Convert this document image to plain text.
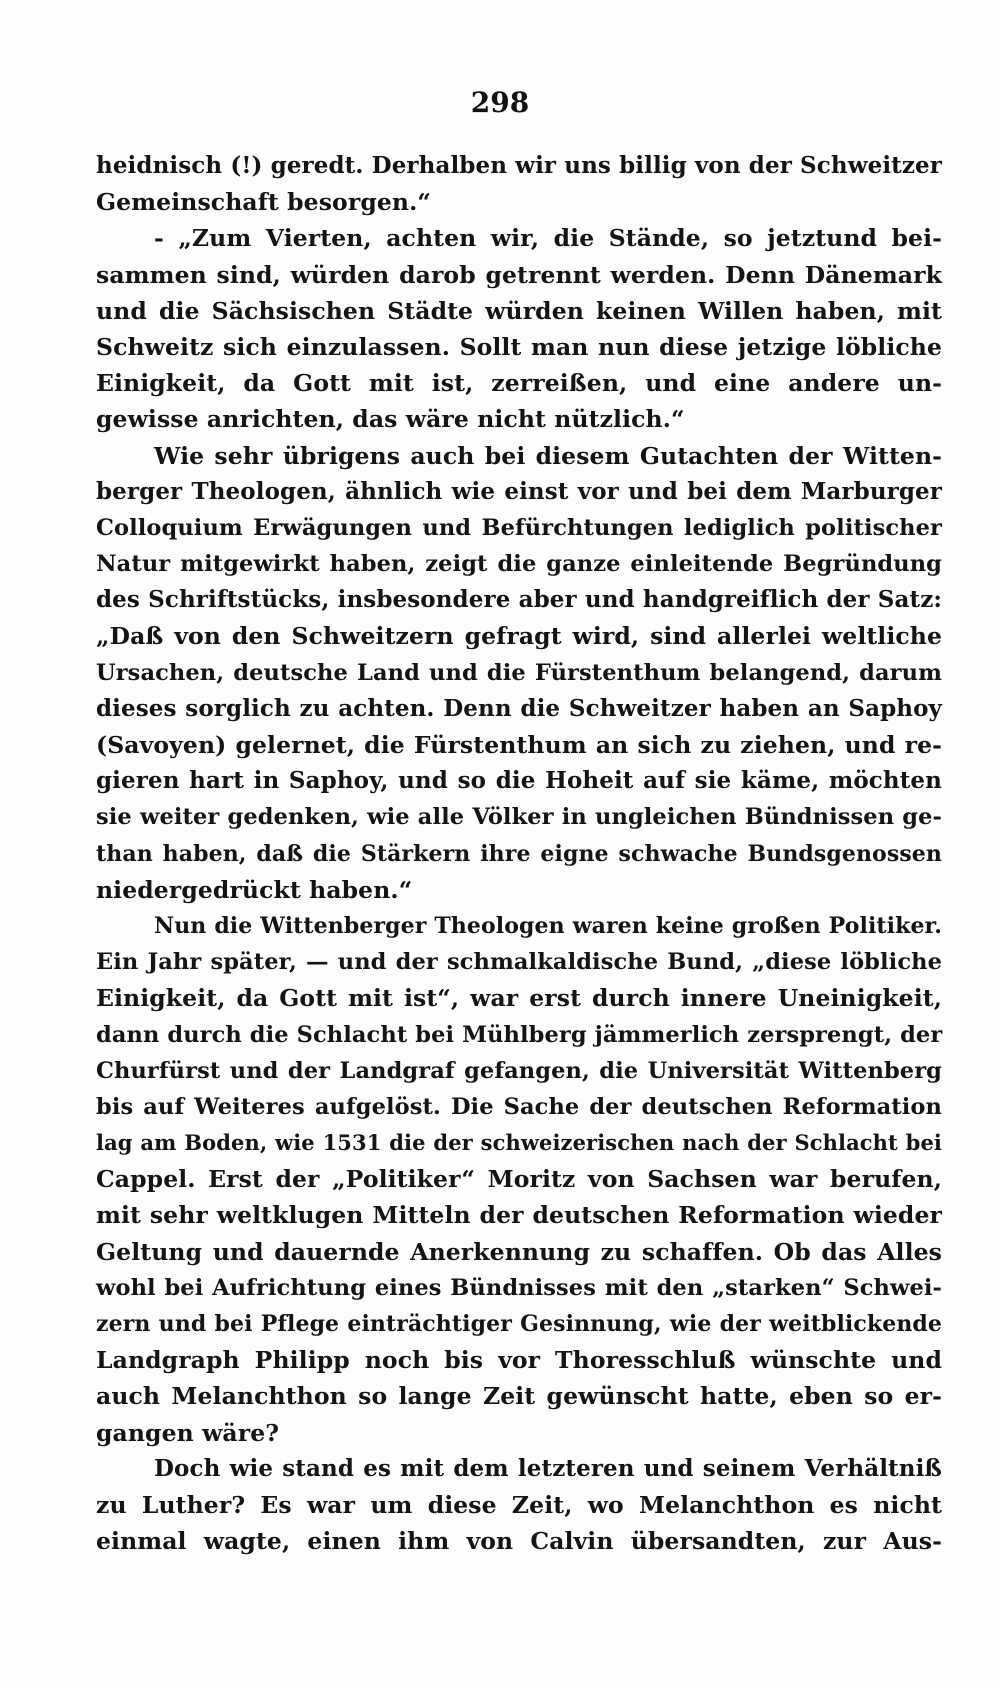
298
heidnisch (!) geredt. Derhalben wir uns billig von der Schweitzer
Gemeinschaft besorgen.“
- „Zum Vierten, achten wir, die Stände, so jetztund bei-
sammen sind, würden darob getrennt werden. Denn Dänemark
und die Sächsischen Städte würden keinen Willen haben, mit
Schweitz sich einzulassen. Sollt man nun diese jetzige löbliche
Einigkeit, da Gott mit ist, zerreißen, und eine andere un-
gewisse anrichten, das wäre nicht nützlich.“
Wie sehr übrigens auch bei diesem Gutachten der Witten-
berger Theologen, ähnlich wie einst vor und bei dem Marburger
Colloquium Erwägungen und Befürchtungen lediglich politischer
Natur mitgewirkt haben, zeigt die ganze einleitende Begründung
des Schriftstücks, insbesondere aber und handgreiflich der Satz:
„Daß von den Schweitzern gefragt wird, sind allerlei weltliche
Ursachen, deutsche Land und die Fürstenthum belangend, darum
dieses sorglich zu achten. Denn die Schweitzer haben an Saphoy
(Savoyen) gelernet, die Fürstenthum an sich zu ziehen, und re-
gieren hart in Saphoy, und so die Hoheit auf sie käme, möchten
sie weiter gedenken, wie alle Völker in ungleichen Bündnissen ge-
than haben, daß die Stärkern ihre eigne schwache Bundsgenossen
niedergedrückt haben.“
Nun die Wittenberger Theologen waren keine großen Politiker.
Ein Jahr später, — und der schmalkaldische Bund, „diese löbliche
Einigkeit, da Gott mit ist“, war erst durch innere Uneinigkeit,
dann durch die Schlacht bei Mühlberg jämmerlich zersprengt, der
Churfürst und der Landgraf gefangen, die Universität Wittenberg
bis auf Weiteres aufgelöst. Die Sache der deutschen Reformation
lag am Boden, wie 1531 die der schweizerischen nach der Schlacht bei
Cappel. Erst der „Politiker“ Moritz von Sachsen war berufen,
mit sehr weltklugen Mitteln der deutschen Reformation wieder
Geltung und dauernde Anerkennung zu schaffen. Ob das Alles
wohl bei Aufrichtung eines Bündnisses mit den „starken“ Schwei-
zern und bei Pflege einträchtiger Gesinnung, wie der weitblickende
Landgraph Philipp noch bis vor Thoresschluß wünschte und
auch Melanchthon so lange Zeit gewünscht hatte, eben so er-
gangen wäre?
Doch wie stand es mit dem letzteren und seinem Verhältniß
zu Luther? Es war um diese Zeit, wo Melanchthon es nicht
einmal wagte, einen ihm von Calvin übersandten, zur Aus-
